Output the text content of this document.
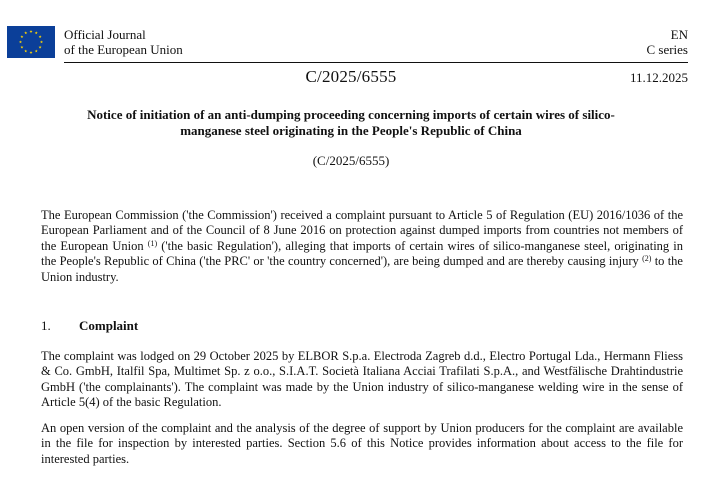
Official Journal
of the European Union
EN
C series
C/2025/6555	11.12.2025
Notice of initiation of an anti-dumping proceeding concerning imports of certain wires of silico-manganese steel originating in the People's Republic of China
(C/2025/6555)
The European Commission ('the Commission') received a complaint pursuant to Article 5 of Regulation (EU) 2016/1036 of the European Parliament and of the Council of 8 June 2016 on protection against dumped imports from countries not members of the European Union $^{(1)}$ ('the basic Regulation'), alleging that imports of certain wires of silico-manganese steel, originating in the People's Republic of China ('the PRC' or 'the country concerned'), are being dumped and are thereby causing injury $^{(2)}$ to the Union industry.
1. Complaint
The complaint was lodged on 29 October 2025 by ELBOR S.p.a. Electroda Zagreb d.d., Electro Portugal Lda., Hermann Fliess & Co. GmbH, Italfil Spa, Multimet Sp. z o.o., S.I.A.T. Società Italiana Acciai Trafilati S.p.A., and Westfälische Drahtindustrie GmbH ('the complainants'). The complaint was made by the Union industry of silico-manganese welding wire in the sense of Article 5(4) of the basic Regulation.
An open version of the complaint and the analysis of the degree of support by Union producers for the complaint are available in the file for inspection by interested parties. Section 5.6 of this Notice provides information about access to the file for interested parties.
